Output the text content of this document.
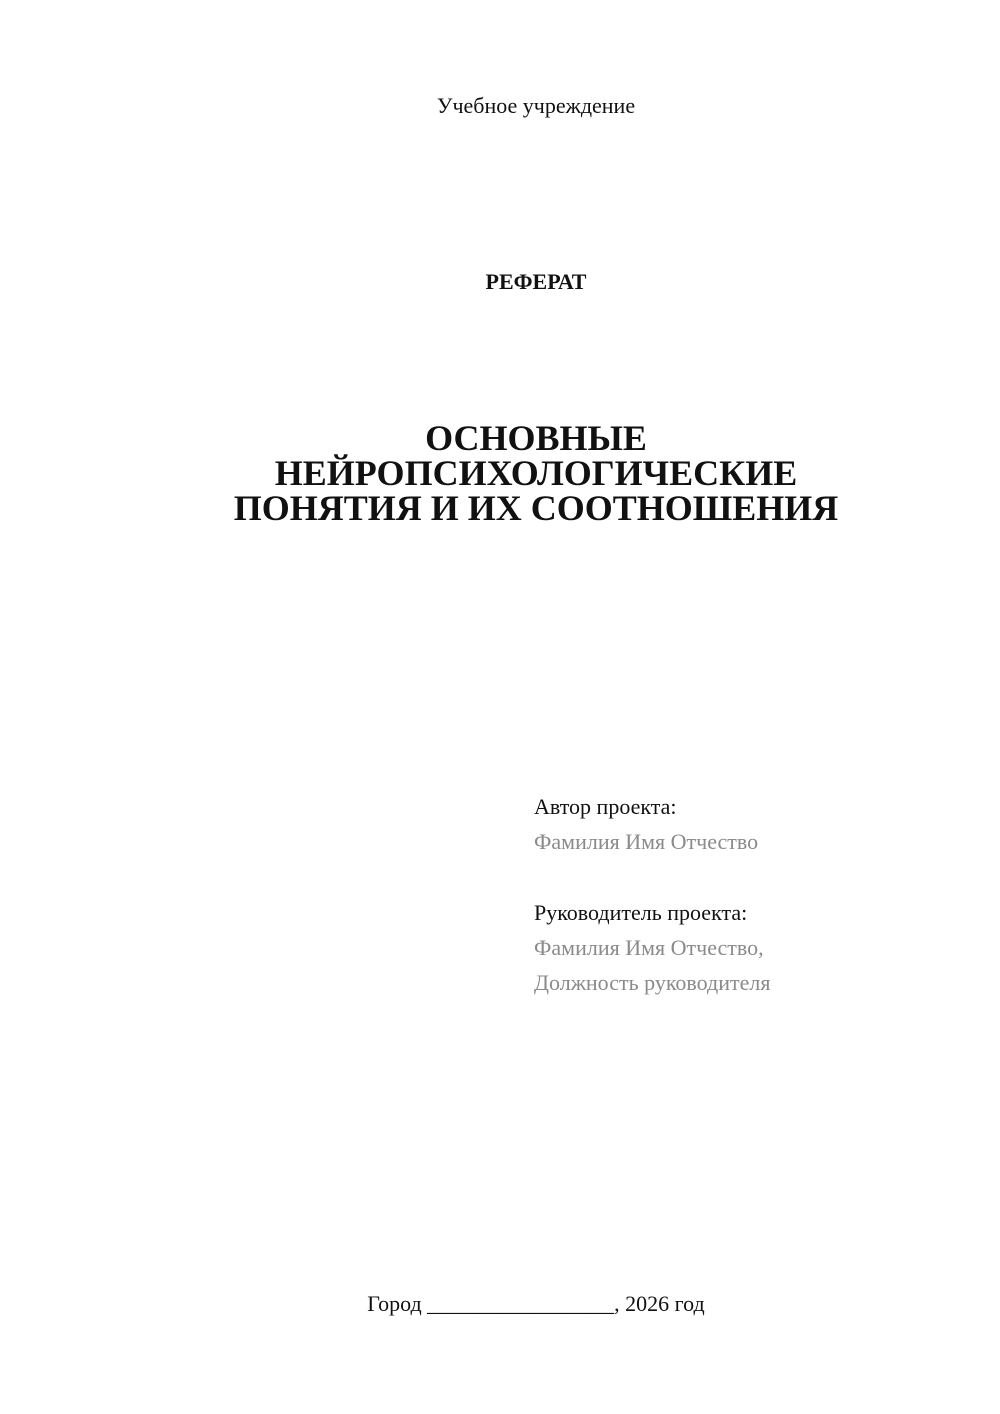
Учебное учреждение
РЕФЕРАТ
ОСНОВНЫЕ
НЕЙРОПСИХОЛОГИЧЕСКИЕ
ПОНЯТИЯ И ИХ СООТНОШЕНИЯ
Автор проекта:
Фамилия Имя Отчество
Руководитель проекта:
Фамилия Имя Отчество,
Должность руководителя
Город _________________, 2026 год
